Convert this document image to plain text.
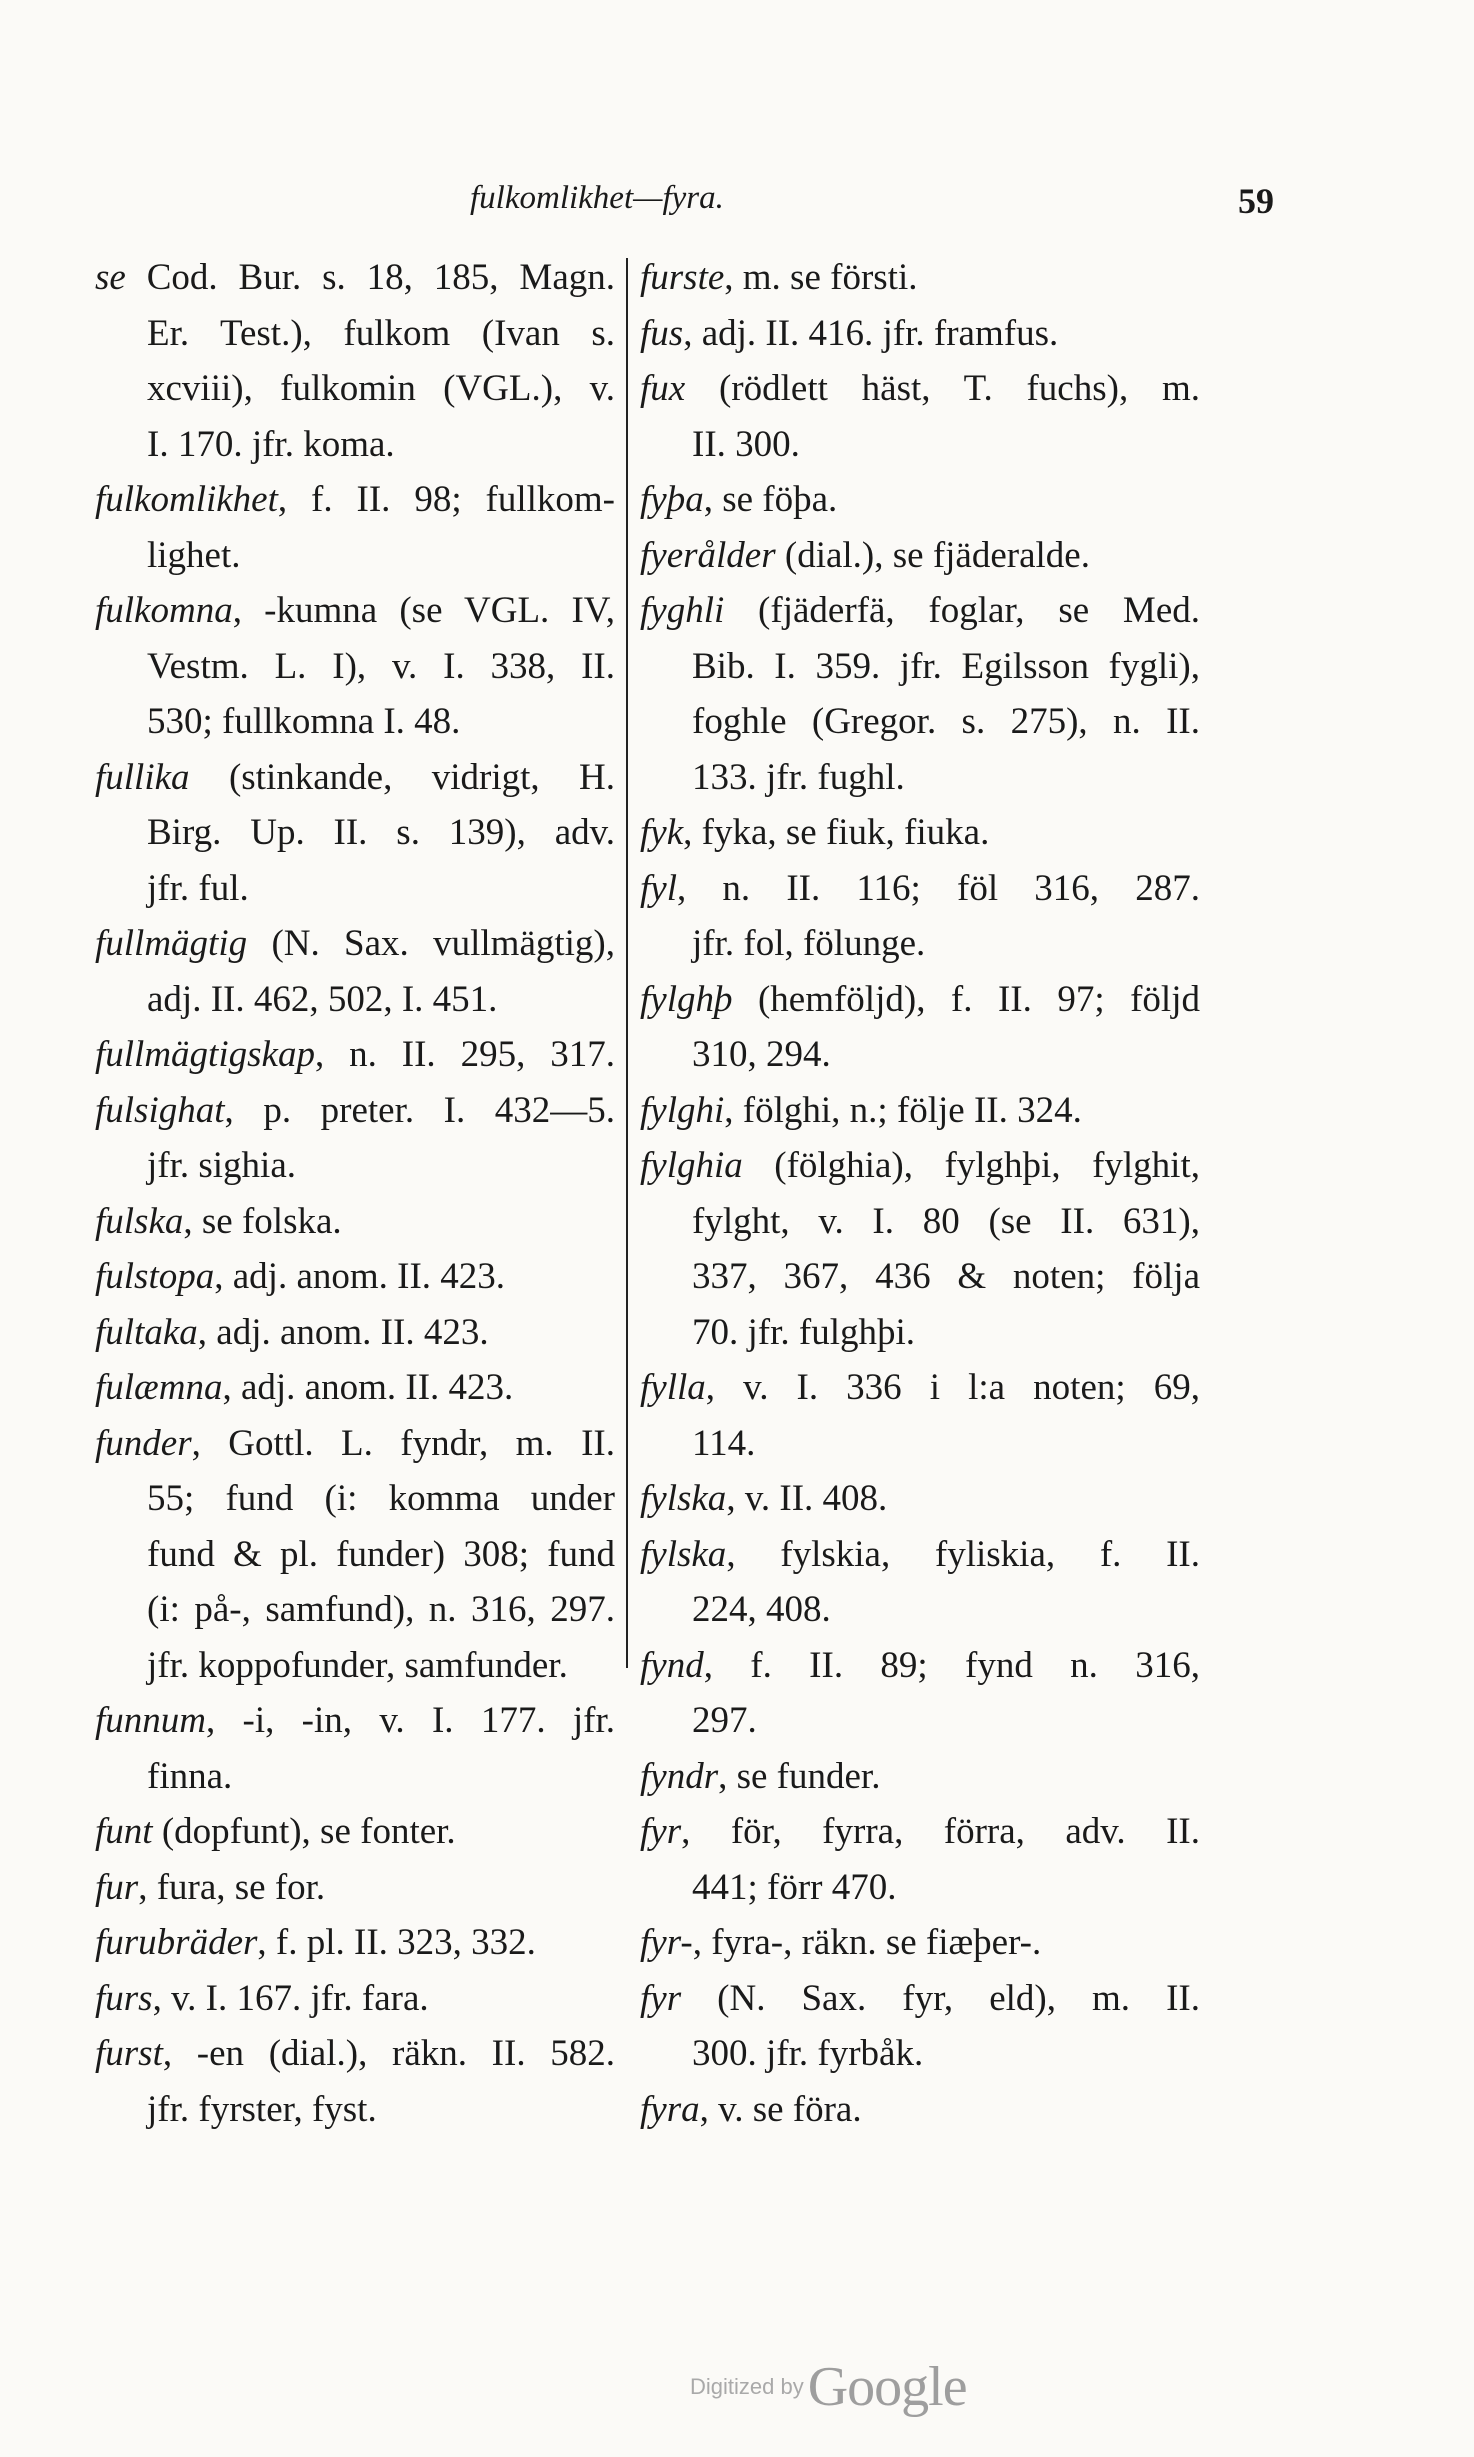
fulkomlikhet—fyra.	59
se Cod. Bur. s. 18, 185, Magn.
Er. Test.), fulkom (Ivan s.
xcviii), fulkomin (VGL.), v.
I. 170. jfr. koma.
fulkomlikhet, f. II. 98; fullkom-
lighet.
fulkomna, -kumna (se VGL. IV,
Vestm. L. I), v. I. 338, II.
530; fullkomna I. 48.
fullika (stinkande, vidrigt, H.
Birg. Up. II. s. 139), adv.
jfr. ful.
fullmägtig (N. Sax. vullmägtig),
adj. II. 462, 502, I. 451.
fullmägtigskap, n. II. 295, 317.
fulsighat, p. preter. I. 432—5.
jfr. sighia.
fulska, se folska.
fulstopa, adj. anom. II. 423.
fultaka, adj. anom. II. 423.
fulæmna, adj. anom. II. 423.
funder, Gottl. L. fyndr, m. II.
55; fund (i: komma under
fund & pl. funder) 308; fund
(i: på-, samfund), n. 316, 297.
jfr. koppofunder, samfunder.
funnum, -i, -in, v. I. 177. jfr.
finna.
funt (dopfunt), se fonter.
fur, fura, se for.
furubräder, f. pl. II. 323, 332.
furs, v. I. 167. jfr. fara.
furst, -en (dial.), räkn. II. 582.
jfr. fyrster, fyst.
furste, m. se försti.
fus, adj. II. 416. jfr. framfus.
fux (rödlett häst, T. fuchs), m.
II. 300.
fyþa, se föþa.
fyerålder (dial.), se fjäderalde.
fyghli (fjäderfä, foglar, se Med.
Bib. I. 359. jfr. Egilsson fygli),
foghle (Gregor. s. 275), n. II.
133. jfr. fughl.
fyk, fyka, se fiuk, fiuka.
fyl, n. II. 116; föl 316, 287.
jfr. fol, fölunge.
fylghþ (hemföljd), f. II. 97; följd
310, 294.
fylghi, fölghi, n.; följe II. 324.
fylghia (fölghia), fylghþi, fylghit,
fylght, v. I. 80 (se II. 631),
337, 367, 436 & noten; följa
70. jfr. fulghþi.
fylla, v. I. 336 i l:a noten; 69,
114.
fylska, v. II. 408.
fylska, fylskia, fyliskia, f. II.
224, 408.
fynd, f. II. 89; fynd n. 316,
297.
fyndr, se funder.
fyr, för, fyrra, förra, adv. II.
441; förr 470.
fyr-, fyra-, räkn. se fiæþer-.
fyr (N. Sax. fyr, eld), m. II.
300. jfr. fyrbåk.
fyra, v. se föra.
Digitized by Google
